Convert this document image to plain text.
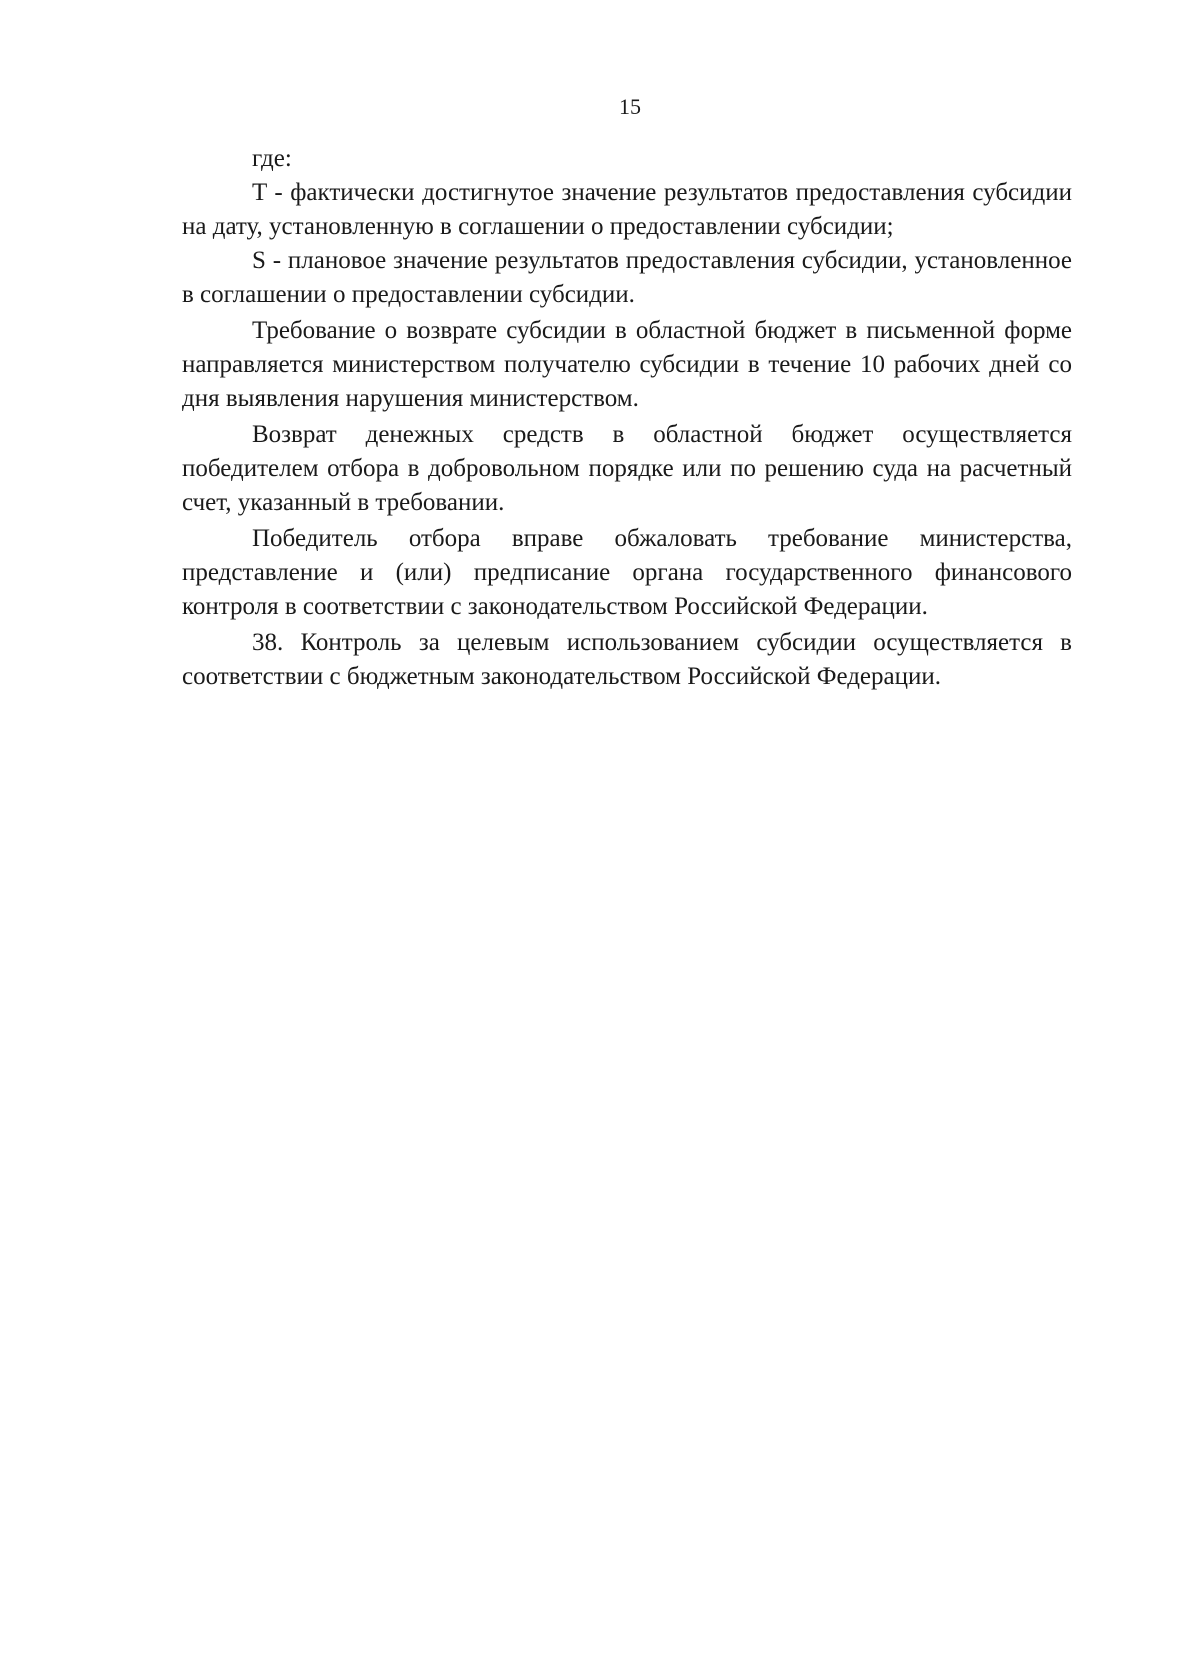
15

где:

T - фактически достигнутое значение результатов предоставления субсидии на дату, установленную в соглашении о предоставлении субсидии;

S - плановое значение результатов предоставления субсидии, установленное в соглашении о предоставлении субсидии.

Требование о возврате субсидии в областной бюджет в письменной форме направляется министерством получателю субсидии в течение 10 рабочих дней со дня выявления нарушения министерством.

Возврат денежных средств в областной бюджет осуществляется победителем отбора в добровольном порядке или по решению суда на расчетный счет, указанный в требовании.

Победитель отбора вправе обжаловать требование министерства, представление и (или) предписание органа государственного финансового контроля в соответствии с законодательством Российской Федерации.

38. Контроль за целевым использованием субсидии осуществляется в соответствии с бюджетным законодательством Российской Федерации.
